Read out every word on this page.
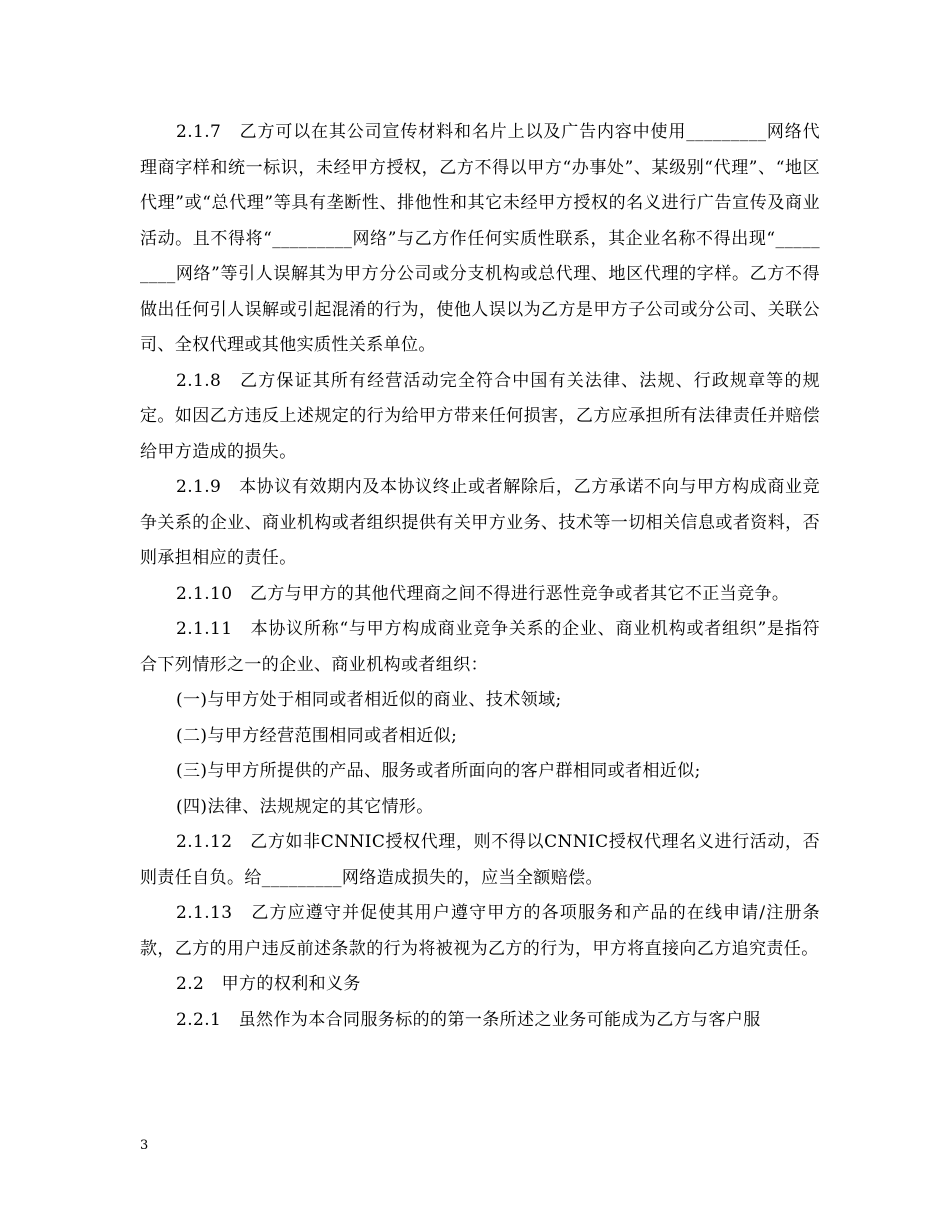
2.1.7　乙方可以在其公司宣传材料和名片上以及广告内容中使用_________网络代理商字样和统一标识，未经甲方授权，乙方不得以甲方“办事处”、某级别“代理”、“地区代理”或“总代理”等具有垄断性、排他性和其它未经甲方授权的名义进行广告宣传及商业活动。且不得将“_________网络”与乙方作任何实质性联系，其企业名称不得出现“_________网络”等引人误解其为甲方分公司或分支机构或总代理、地区代理的字样。乙方不得做出任何引人误解或引起混淆的行为，使他人误以为乙方是甲方子公司或分公司、关联公司、全权代理或其他实质性关系单位。

2.1.8　乙方保证其所有经营活动完全符合中国有关法律、法规、行政规章等的规定。如因乙方违反上述规定的行为给甲方带来任何损害，乙方应承担所有法律责任并赔偿给甲方造成的损失。

2.1.9　本协议有效期内及本协议终止或者解除后，乙方承诺不向与甲方构成商业竞争关系的企业、商业机构或者组织提供有关甲方业务、技术等一切相关信息或者资料，否则承担相应的责任。

2.1.10　乙方与甲方的其他代理商之间不得进行恶性竞争或者其它不正当竞争。

2.1.11　本协议所称“与甲方构成商业竞争关系的企业、商业机构或者组织”是指符合下列情形之一的企业、商业机构或者组织：

(一)与甲方处于相同或者相近似的商业、技术领域;

(二)与甲方经营范围相同或者相近似;

(三)与甲方所提供的产品、服务或者所面向的客户群相同或者相近似;

(四)法律、法规规定的其它情形。

2.1.12　乙方如非CNNIC授权代理，则不得以CNNIC授权代理名义进行活动，否则责任自负。给_________网络造成损失的，应当全额赔偿。

2.1.13　乙方应遵守并促使其用户遵守甲方的各项服务和产品的在线申请/注册条款，乙方的用户违反前述条款的行为将被视为乙方的行为，甲方将直接向乙方追究责任。

2.2　甲方的权利和义务

2.2.1　虽然作为本合同服务标的的第一条所述之业务可能成为乙方与客户服

3
